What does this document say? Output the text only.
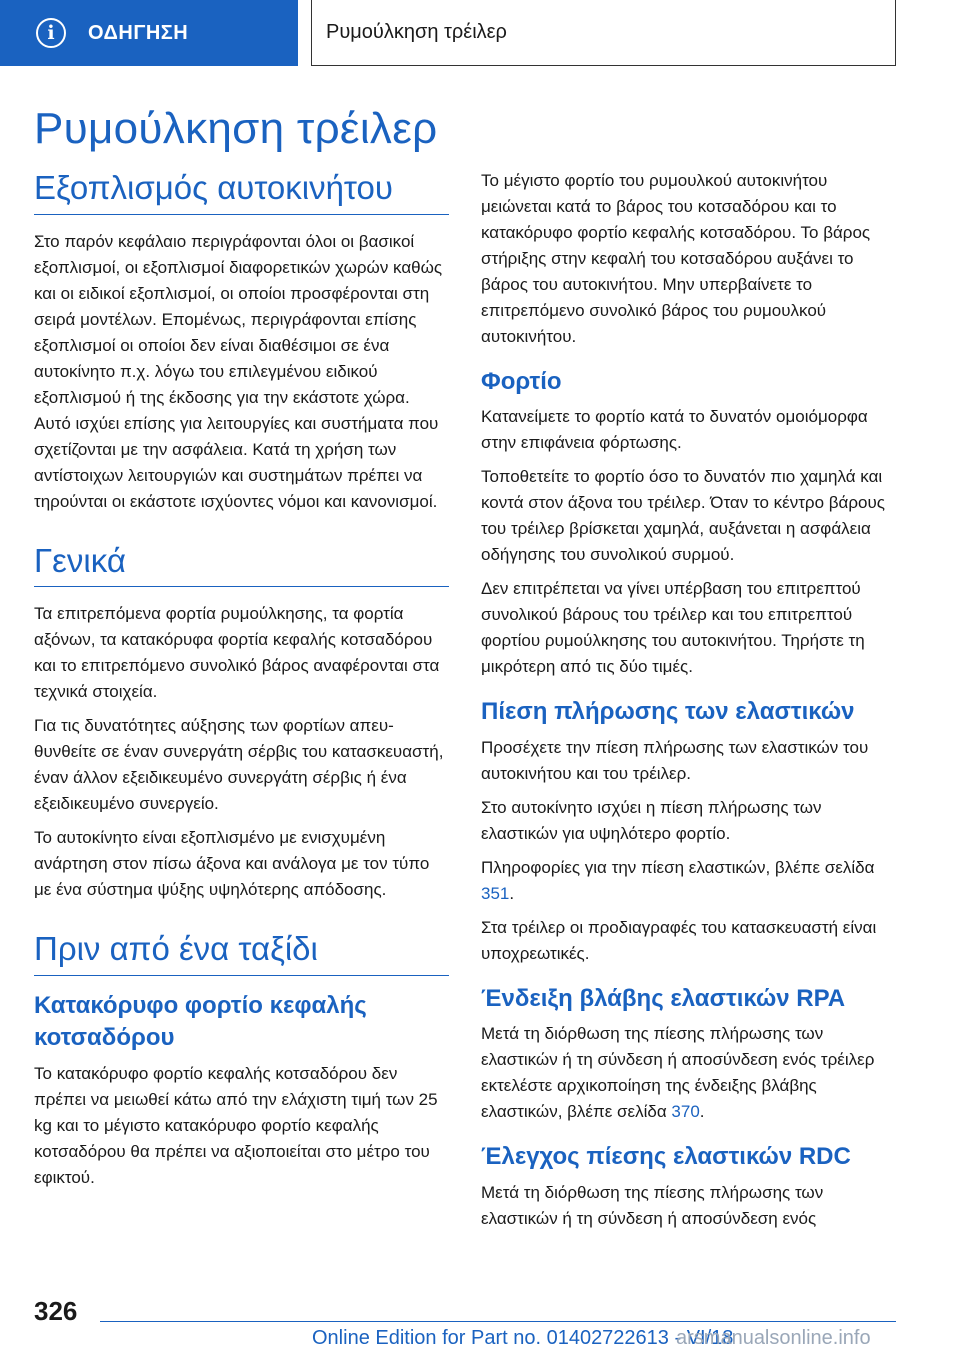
i	ΟΔΗΓΗΣΗ	Ρυμούλκηση τρέιλερ
Ρυμούλκηση τρέιλερ
Εξοπλισμός αυτοκινήτου

Στο παρόν κεφάλαιο περιγράφονται όλοι οι βασικοί εξοπλισμοί, οι εξοπλισμοί διαφορετικών χωρών καθώς και οι ειδικοί εξοπλισμοί, οι οποίοι προσφέρονται στη σειρά μοντέλων. Επομένως, περιγράφονται επίσης εξοπλισμοί οι οποίοι δεν είναι διαθέσιμοι σε ένα αυτοκίνητο π.χ. λόγω του επιλεγμένου ειδικού εξοπλισμού ή της έκδοσης για την εκάστοτε χώρα. Αυτό ισχύει επίσης για λειτουργίες και συστήματα που σχετίζονται με την ασφάλεια. Κατά τη χρήση των αντίστοιχων λειτουργιών και συστημάτων πρέπει να τηρούνται οι εκάστοτε ισχύοντες νόμοι και κανονισμοί.

Γενικά

Τα επιτρεπόμενα φορτία ρυμούλκησης, τα φορτία αξόνων, τα κατακόρυφα φορτία κεφαλής κοτσαδόρου και το επιτρεπόμενο συνολικό βάρος αναφέρονται στα τεχνικά στοιχεία.

Για τις δυνατότητες αύξησης των φορτίων απευθυνθείτε σε έναν συνεργάτη σέρβις του κατασκευαστή, έναν άλλον εξειδικευμένο συνεργάτη σέρβις ή ένα εξειδικευμένο συνεργείο.

Το αυτοκίνητο είναι εξοπλισμένο με ενισχυμένη ανάρτηση στον πίσω άξονα και ανάλογα με τον τύπο με ένα σύστημα ψύξης υψηλότερης απόδοσης.

Πριν από ένα ταξίδι
Κατακόρυφο φορτίο κεφαλής κοτσαδόρου

Το κατακόρυφο φορτίο κεφαλής κοτσαδόρου δεν πρέπει να μειωθεί κάτω από την ελάχιστη τιμή των 25 kg και το μέγιστο κατακόρυφο φορτίο κεφαλής κοτσαδόρου θα πρέπει να αξιοποιείται στο μέτρο του εφικτού.

Το μέγιστο φορτίο του ρυμουλκού αυτοκινήτου μειώνεται κατά το βάρος του κοτσαδόρου και το κατακόρυφο φορτίο κεφαλής κοτσαδόρου. Το βάρος στήριξης στην κεφαλή του κοτσαδόρου αυξάνει το βάρος του αυτοκινήτου. Μην υπερβαίνετε το επιτρεπόμενο συνολικό βάρος του ρυμουλκού αυτοκινήτου.

Φορτίο

Κατανείμετε το φορτίο κατά το δυνατόν ομοιόμορφα στην επιφάνεια φόρτωσης.

Τοποθετείτε το φορτίο όσο το δυνατόν πιο χαμηλά και κοντά στον άξονα του τρέιλερ. Όταν το κέντρο βάρους του τρέιλερ βρίσκεται χαμηλά, αυξάνεται η ασφάλεια οδήγησης του συνολικού συρμού.

Δεν επιτρέπεται να γίνει υπέρβαση του επιτρεπτού συνολικού βάρους του τρέιλερ και του επιτρεπτού φορτίου ρυμούλκησης του αυτοκινήτου. Τηρήστε τη μικρότερη από τις δύο τιμές.

Πίεση πλήρωσης των ελαστικών

Προσέχετε την πίεση πλήρωσης των ελαστικών του αυτοκινήτου και του τρέιλερ.

Στο αυτοκίνητο ισχύει η πίεση πλήρωσης των ελαστικών για υψηλότερο φορτίο.

Πληροφορίες για την πίεση ελαστικών, βλέπε σελίδα 351.

Στα τρέιλερ οι προδιαγραφές του κατασκευαστή είναι υποχρεωτικές.

Ένδειξη βλάβης ελαστικών RPA

Μετά τη διόρθωση της πίεσης πλήρωσης των ελαστικών ή τη σύνδεση ή αποσύνδεση ενός τρέιλερ εκτελέστε αρχικοποίηση της ένδειξης βλάβης ελαστικών, βλέπε σελίδα 370.

Έλεγχος πίεσης ελαστικών RDC

Μετά τη διόρθωση της πίεσης πλήρωσης των ελαστικών ή τη σύνδεση ή αποσύνδεση ενός

326
Online Edition for Part no. 01402722613 - VI/18
arsmanualsonline.info
